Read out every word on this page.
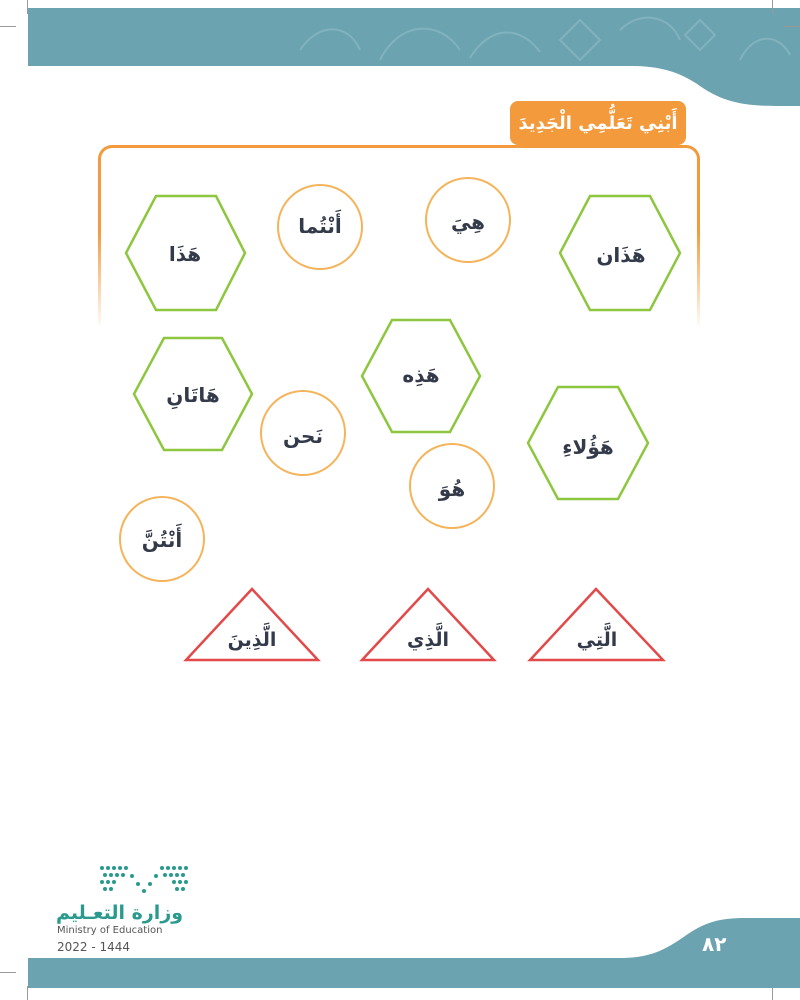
أَبْنِي تَعَلُّمِي الْجَدِيدَ
هَذَان
هِيَ
أَنْتُما
هَذَا
هَذِه
هَاتَانِ
نَحن	هَؤُلاءِ
هُوَ
أَنْتُنَّ
الَّتِي
الَّذِي
الَّذِينَ
٨٢
وزارة التعـليم
Ministry of Education
2022 - 1444
